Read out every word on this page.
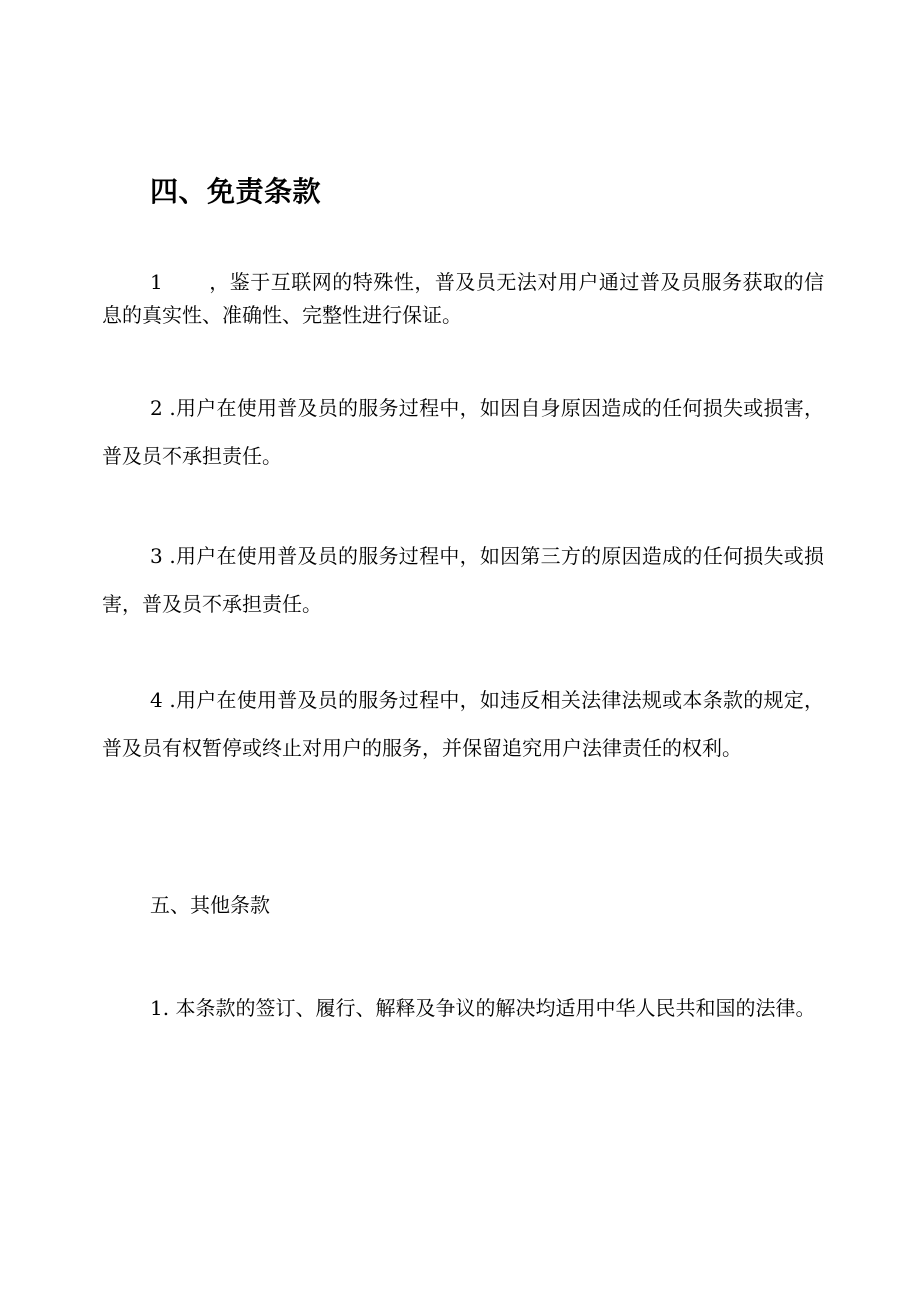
四、免责条款

1 ，鉴于互联网的特殊性，普及员无法对用户通过普及员服务获取的信息的真实性、准确性、完整性进行保证。

2 .用户在使用普及员的服务过程中，如因自身原因造成的任何损失或损害，普及员不承担责任。

3 .用户在使用普及员的服务过程中，如因第三方的原因造成的任何损失或损害，普及员不承担责任。

4 .用户在使用普及员的服务过程中，如违反相关法律法规或本条款的规定，普及员有权暂停或终止对用户的服务，并保留追究用户法律责任的权利。

五、其他条款

1. 本条款的签订、履行、解释及争议的解决均适用中华人民共和国的法律。
